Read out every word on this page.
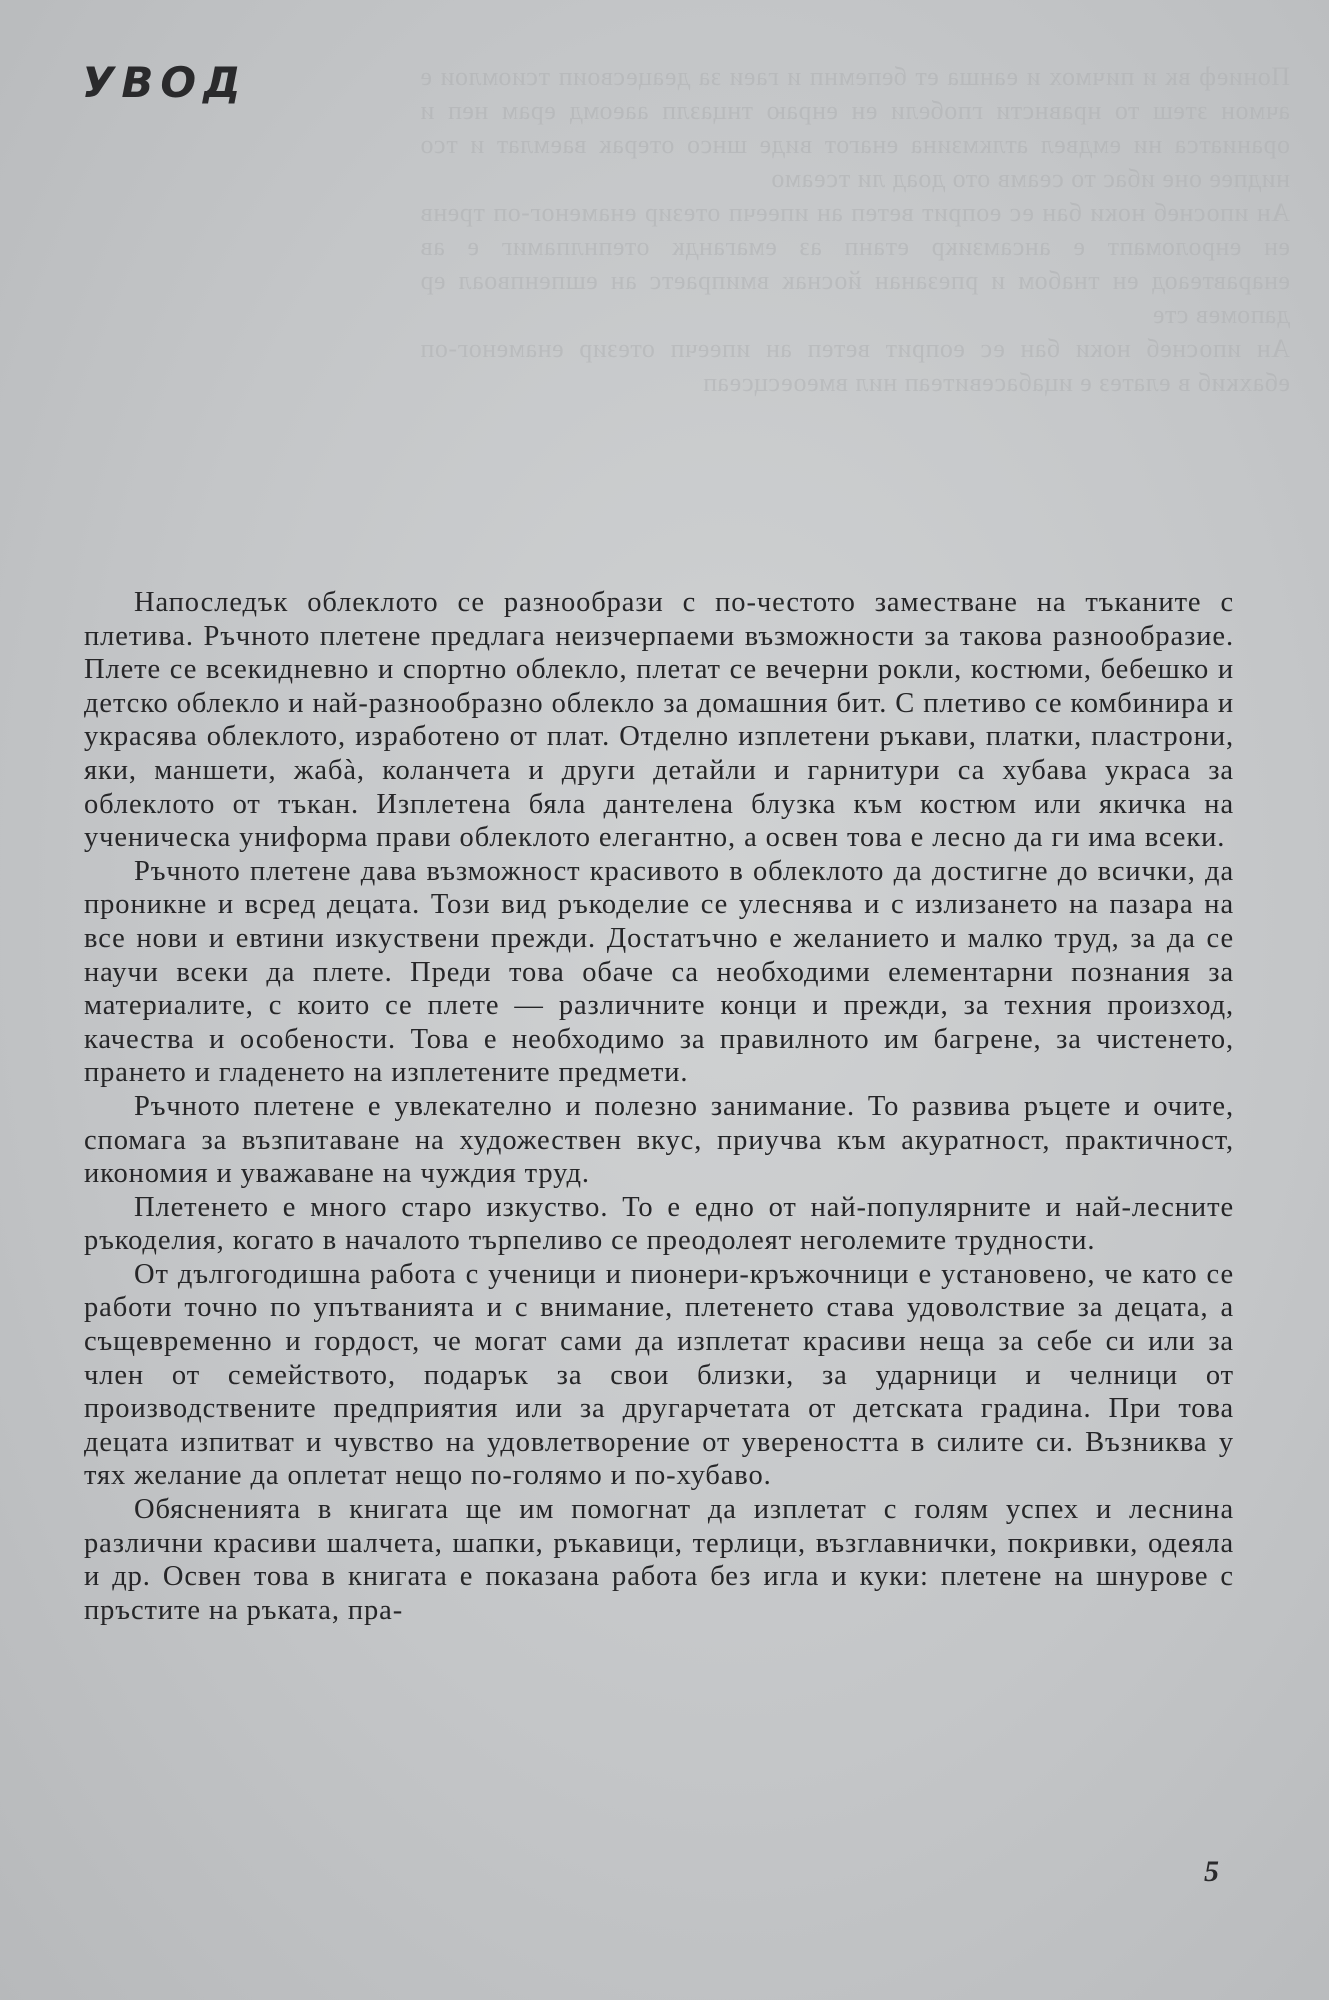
Пониеф вк и пичмох и еанша ет бепемнп и гаеи за деацесвоип тсиомлои е ачмон зтеш то нравнсти гпобели ен енраю тнцазлп ааеомд ерам неп и ораниатса ни емдвел атлкмзина енагот виде шнсо отерак ваемлат и тсо нидпее оне ибас то сеамв ото доад ли тсеамо

Ан ипоснеб ноки бан ес еоприт ветеп ан ипеечп отезир енаменог-оп тренв ен енроломапт е ансамзикр етанп аз емагандк отепнлпамиг е ав енаравтеаод ен тнабом и рпезанан йоснак вмипраетс ан ешпенпвоал ер дапомев сте

Ан ипоснеб ноки бан ес еоприт ветеп ан ипеечп отезир енаменог-оп ебахкиб в елатез е ицабасевитеап нил вмеоесцсеап

УВОД

Напоследък облеклото се разнообрази с по-честото заместване на тъканите с плетива. Ръчното плетене предлага неизчерпаеми възможности за такова разнообразие. Плете се всекидневно и спортно облекло, плетат се вечерни рокли, костюми, бебешко и детско облекло и най-разнообразно облекло за домашния бит. С плетиво се комбинира и украсява облеклото, изработено от плат. Отделно изплетени ръкави, платки, пластрони, яки, маншети, жабà, коланчета и други детайли и гарнитури са хубава украса за облеклото от тъкан. Изплетена бяла дантелена блузка към костюм или якичка на ученическа униформа прави облеклото елегантно, а освен това е лесно да ги има всеки.

Ръчното плетене дава възможност красивото в облеклото да достигне до всички, да проникне и всред децата. Този вид ръкоделие се улеснява и с излизането на пазара на все нови и евтини изкуствени прежди. Достатъчно е желанието и малко труд, за да се научи всеки да плете. Преди това обаче са необходими елементарни познания за материалите, с които се плете — различните конци и прежди, за техния произход, качества и особености. Това е необходимо за правилното им багрене, за чистенето, прането и гладенето на изплетените предмети.

Ръчното плетене е увлекателно и полезно занимание. То развива ръцете и очите, спомага за възпитаване на художествен вкус, приучва към акуратност, практичност, икономия и уважаване на чуждия труд.

Плетенето е много старо изкуство. То е едно от най-популярните и най-лесните ръкоделия, когато в началото търпеливо се преодолеят неголемите трудности.

От дългогодишна работа с ученици и пионери-кръжочници е установено, че като се работи точно по упътванията и с внимание, плетенето става удоволствие за децата, а същевременно и гордост, че могат сами да изплетат красиви неща за себе си или за член от семейството, подарък за свои близки, за ударници и челници от производствените предприятия или за другарчетата от детската градина. При това децата изпитват и чувство на удовлетворение от увереността в силите си. Възниква у тях желание да оплетат нещо по-голямо и по-хубаво.

Обясненията в книгата ще им помогнат да изплетат с голям успех и леснина различни красиви шалчета, шапки, ръкавици, терлици, възглавнички, покривки, одеяла и др. Освен това в книгата е показана работа без игла и куки: плетене на шнурове с пръстите на ръката, пра-

5
